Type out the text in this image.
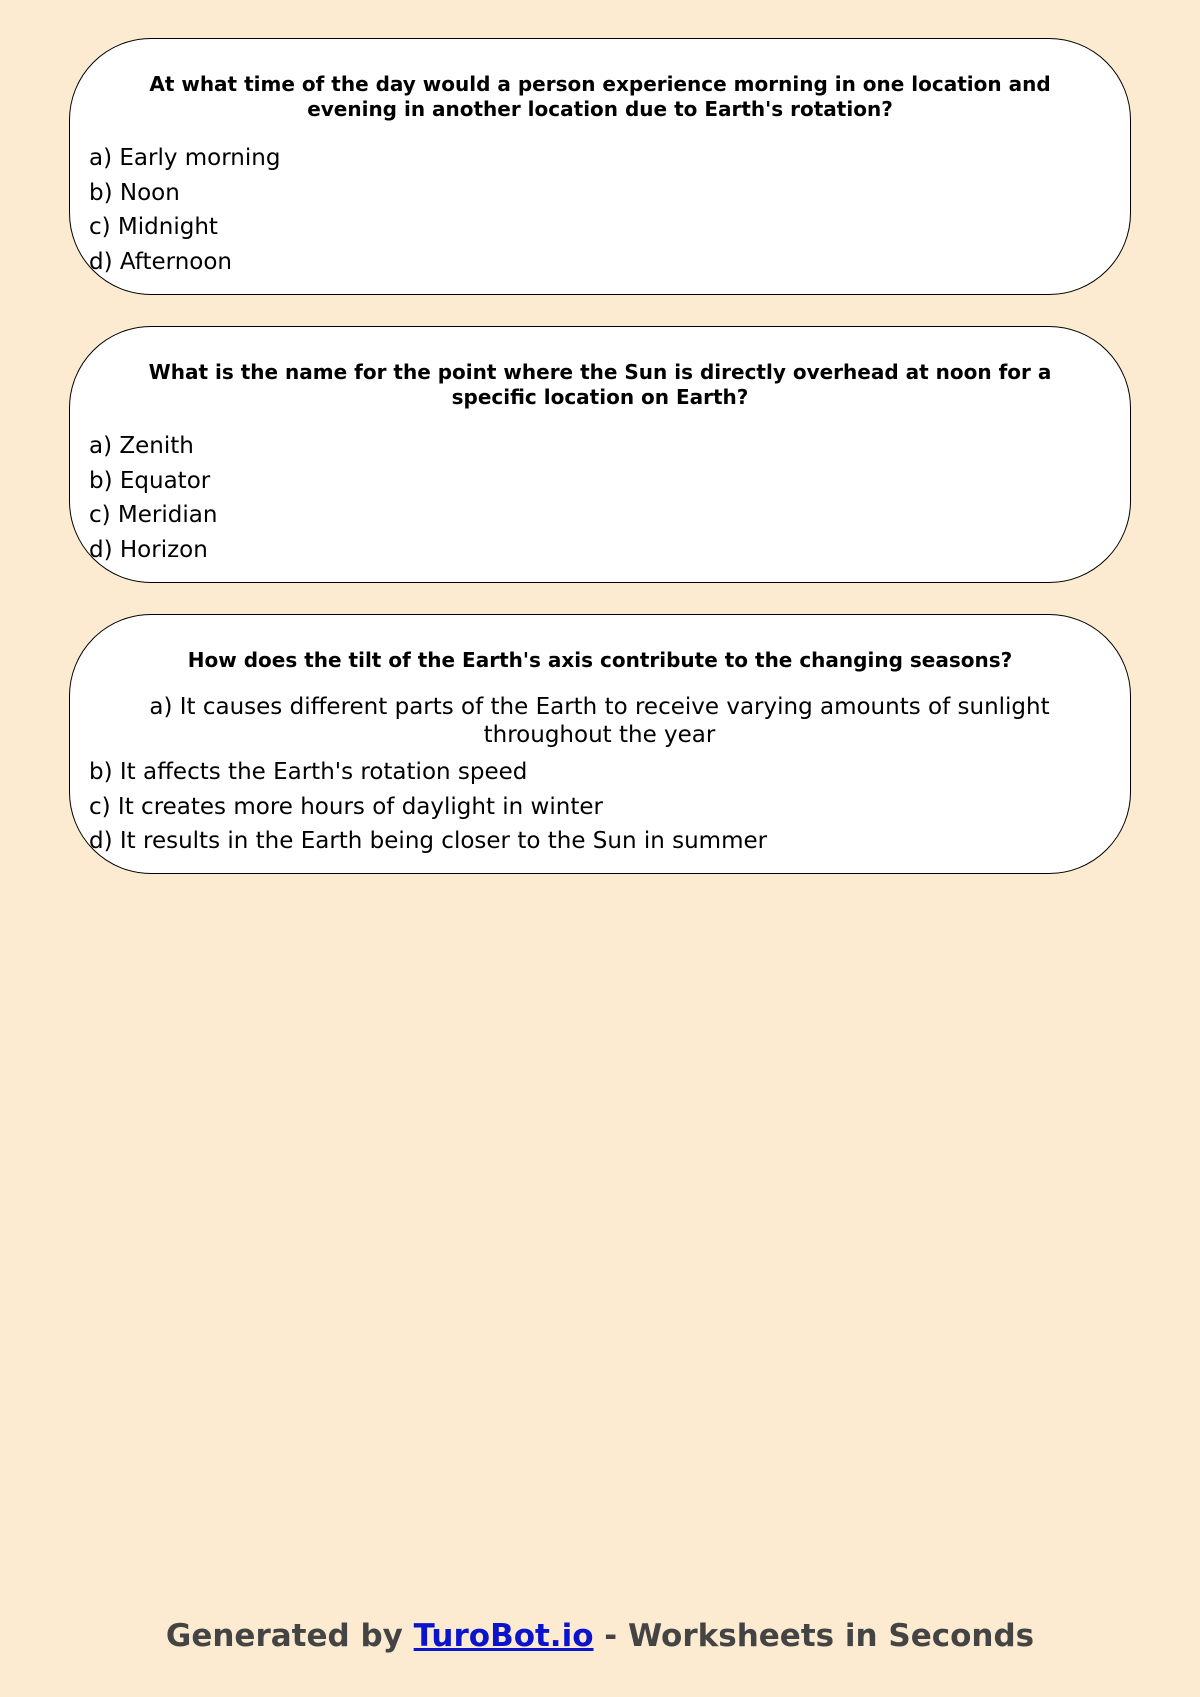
At what time of the day would a person experience morning in one location and evening in another location due to Earth's rotation?
a) Early morning
b) Noon
c) Midnight
d) Afternoon
What is the name for the point where the Sun is directly overhead at noon for a specific location on Earth?
a) Zenith
b) Equator
c) Meridian
d) Horizon
How does the tilt of the Earth's axis contribute to the changing seasons?
a) It causes different parts of the Earth to receive varying amounts of sunlight throughout the year
b) It affects the Earth's rotation speed
c) It creates more hours of daylight in winter
d) It results in the Earth being closer to the Sun in summer
Generated by TuroBot.io - Worksheets in Seconds
